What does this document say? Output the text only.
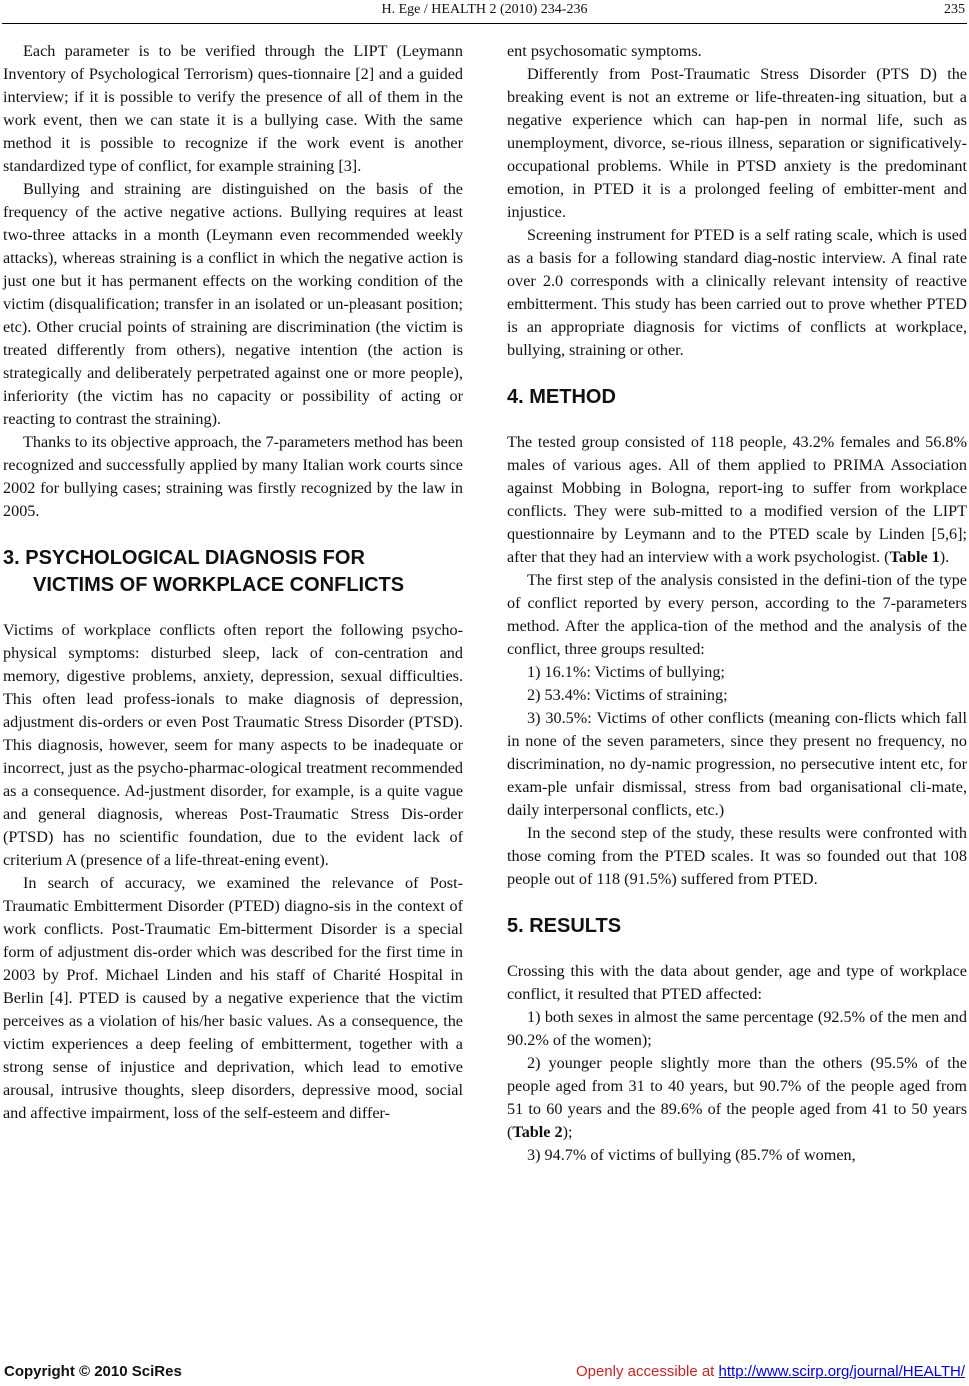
H. Ege / HEALTH 2 (2010) 234-236	235

Each parameter is to be verified through the LIPT (Leymann Inventory of Psychological Terrorism) ques-tionnaire [2] and a guided interview; if it is possible to verify the presence of all of them in the work event, then we can state it is a bullying case. With the same method it is possible to recognize if the work event is another standardized type of conflict, for example straining [3].

Bullying and straining are distinguished on the basis of the frequency of the active negative actions. Bullying requires at least two-three attacks in a month (Leymann even recommended weekly attacks), whereas straining is a conflict in which the negative action is just one but it has permanent effects on the working condition of the victim (disqualification; transfer in an isolated or un-pleasant position; etc). Other crucial points of straining are discrimination (the victim is treated differently from others), negative intention (the action is strategically and deliberately perpetrated against one or more people), inferiority (the victim has no capacity or possibility of acting or reacting to contrast the straining).

Thanks to its objective approach, the 7-parameters method has been recognized and successfully applied by many Italian work courts since 2002 for bullying cases; straining was firstly recognized by the law in 2005.

3. PSYCHOLOGICAL DIAGNOSIS FOR
VICTIMS OF WORKPLACE CONFLICTS

Victims of workplace conflicts often report the following psycho-physical symptoms: disturbed sleep, lack of con-centration and memory, digestive problems, anxiety, depression, sexual difficulties. This often lead profess-ionals to make diagnosis of depression, adjustment dis-orders or even Post Traumatic Stress Disorder (PTSD). This diagnosis, however, seem for many aspects to be inadequate or incorrect, just as the psycho-pharmac-ological treatment recommended as a consequence. Ad-justment disorder, for example, is a quite vague and general diagnosis, whereas Post-Traumatic Stress Dis-order (PTSD) has no scientific foundation, due to the evident lack of criterium A (presence of a life-threat-ening event).

In search of accuracy, we examined the relevance of Post-Traumatic Embitterment Disorder (PTED) diagno-sis in the context of work conflicts. Post-Traumatic Em-bitterment Disorder is a special form of adjustment dis-order which was described for the first time in 2003 by Prof. Michael Linden and his staff of Charité Hospital in Berlin [4]. PTED is caused by a negative experience that the victim perceives as a violation of his/her basic values. As a consequence, the victim experiences a deep feeling of embitterment, together with a strong sense of injustice and deprivation, which lead to emotive arousal, intrusive thoughts, sleep disorders, depressive mood, social and affective impairment, loss of the self-esteem and differ-

ent psychosomatic symptoms.

Differently from Post-Traumatic Stress Disorder (PTS D) the breaking event is not an extreme or life-threaten-ing situation, but a negative experience which can hap-pen in normal life, such as unemployment, divorce, se-rious illness, separation or significatively-occupational problems. While in PTSD anxiety is the predominant emotion, in PTED it is a prolonged feeling of embitter-ment and injustice.

Screening instrument for PTED is a self rating scale, which is used as a basis for a following standard diag-nostic interview. A final rate over 2.0 corresponds with a clinically relevant intensity of reactive embitterment. This study has been carried out to prove whether PTED is an appropriate diagnosis for victims of conflicts at workplace, bullying, straining or other.

4. METHOD

The tested group consisted of 118 people, 43.2% females and 56.8% males of various ages. All of them applied to PRIMA Association against Mobbing in Bologna, report-ing to suffer from workplace conflicts. They were sub-mitted to a modified version of the LIPT questionnaire by Leymann and to the PTED scale by Linden [5,6]; after that they had an interview with a work psychologist. (Table 1).

The first step of the analysis consisted in the defini-tion of the type of conflict reported by every person, according to the 7-parameters method. After the applica-tion of the method and the analysis of the conflict, three groups resulted:

1) 16.1%: Victims of bullying;

2) 53.4%: Victims of straining;

3) 30.5%: Victims of other conflicts (meaning con-flicts which fall in none of the seven parameters, since they present no frequency, no discrimination, no dy-namic progression, no persecutive intent etc, for exam-ple unfair dismissal, stress from bad organisational cli-mate, daily interpersonal conflicts, etc.)

In the second step of the study, these results were confronted with those coming from the PTED scales. It was so founded out that 108 people out of 118 (91.5%) suffered from PTED.

5. RESULTS

Crossing this with the data about gender, age and type of workplace conflict, it resulted that PTED affected:

1) both sexes in almost the same percentage (92.5% of the men and 90.2% of the women);

2) younger people slightly more than the others (95.5% of the people aged from 31 to 40 years, but 90.7% of the people aged from 51 to 60 years and the 89.6% of the people aged from 41 to 50 years (Table 2);

3) 94.7% of victims of bullying (85.7% of women,

Copyright © 2010 SciRes	Openly accessible at http://www.scirp.org/journal/HEALTH/
